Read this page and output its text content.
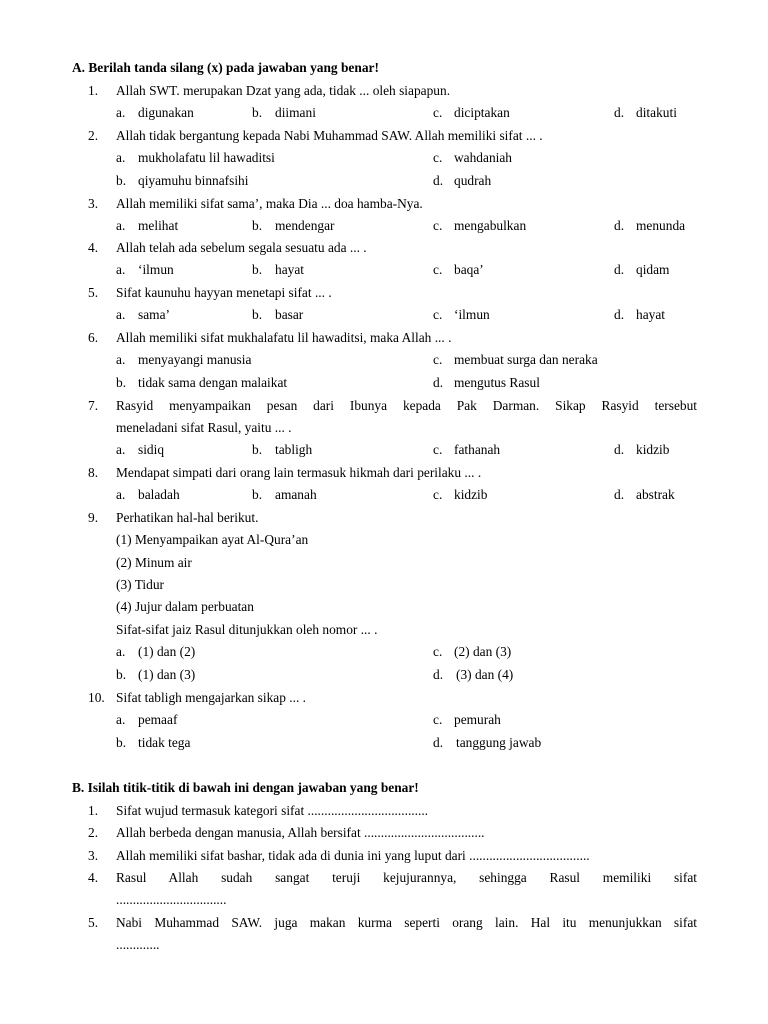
A. Berilah tanda silang (x) pada jawaban yang benar!
1. Allah SWT. merupakan Dzat yang ada, tidak ... oleh siapapun.
a. digunakan	b. diimani	c. diciptakan	d. ditakuti
2. Allah tidak bergantung kepada Nabi Muhammad SAW. Allah memiliki sifat ... .
a. mukholafatu lil hawaditsi	c. wahdaniah
b. qiyamuhu binnafsihi	d. qudrah
3. Allah memiliki sifat sama’, maka Dia ... doa hamba-Nya.
a. melihat	b. mendengar	c. mengabulkan	d. menunda
4. Allah telah ada sebelum segala sesuatu ada ... .
a. ‘ilmun	b. hayat	c. baqa’	d. qidam
5. Sifat kaunuhu hayyan menetapi sifat ... .
a. sama’	b. basar	c. ‘ilmun	d. hayat
6. Allah memiliki sifat mukhalafatu lil hawaditsi, maka Allah ... .
a. menyayangi manusia	c. membuat surga dan neraka
b. tidak sama dengan malaikat	d. mengutus Rasul
7. Rasyid menyampaikan pesan dari Ibunya kepada Pak Darman. Sikap Rasyid tersebut
meneladani sifat Rasul, yaitu ... .
a. sidiq	b. tabligh	c. fathanah	d. kidzib
8. Mendapat simpati dari orang lain termasuk hikmah dari perilaku ... .
a. baladah	b. amanah	c. kidzib	d. abstrak
9. Perhatikan hal-hal berikut.
(1) Menyampaikan ayat Al-Qura’an
(2) Minum air
(3) Tidur
(4) Jujur dalam perbuatan
Sifat-sifat jaiz Rasul ditunjukkan oleh nomor ... .
a. (1) dan (2)	c. (2) dan (3)
b. (1) dan (3)	d. (3) dan (4)
10. Sifat tabligh mengajarkan sikap ... .
a. pemaaf	c. pemurah
b. tidak tega	d. tanggung jawab
B. Isilah titik-titik di bawah ini dengan jawaban yang benar!
1. Sifat wujud termasuk kategori sifat ....................................
2. Allah berbeda dengan manusia, Allah bersifat ....................................
3. Allah memiliki sifat bashar, tidak ada di dunia ini yang luput dari ....................................
4. Rasul Allah sudah sangat teruji kejujurannya, sehingga Rasul memiliki sifat
.................................
5. Nabi Muhammad SAW. juga makan kurma seperti orang lain. Hal itu menunjukkan sifat
.............
